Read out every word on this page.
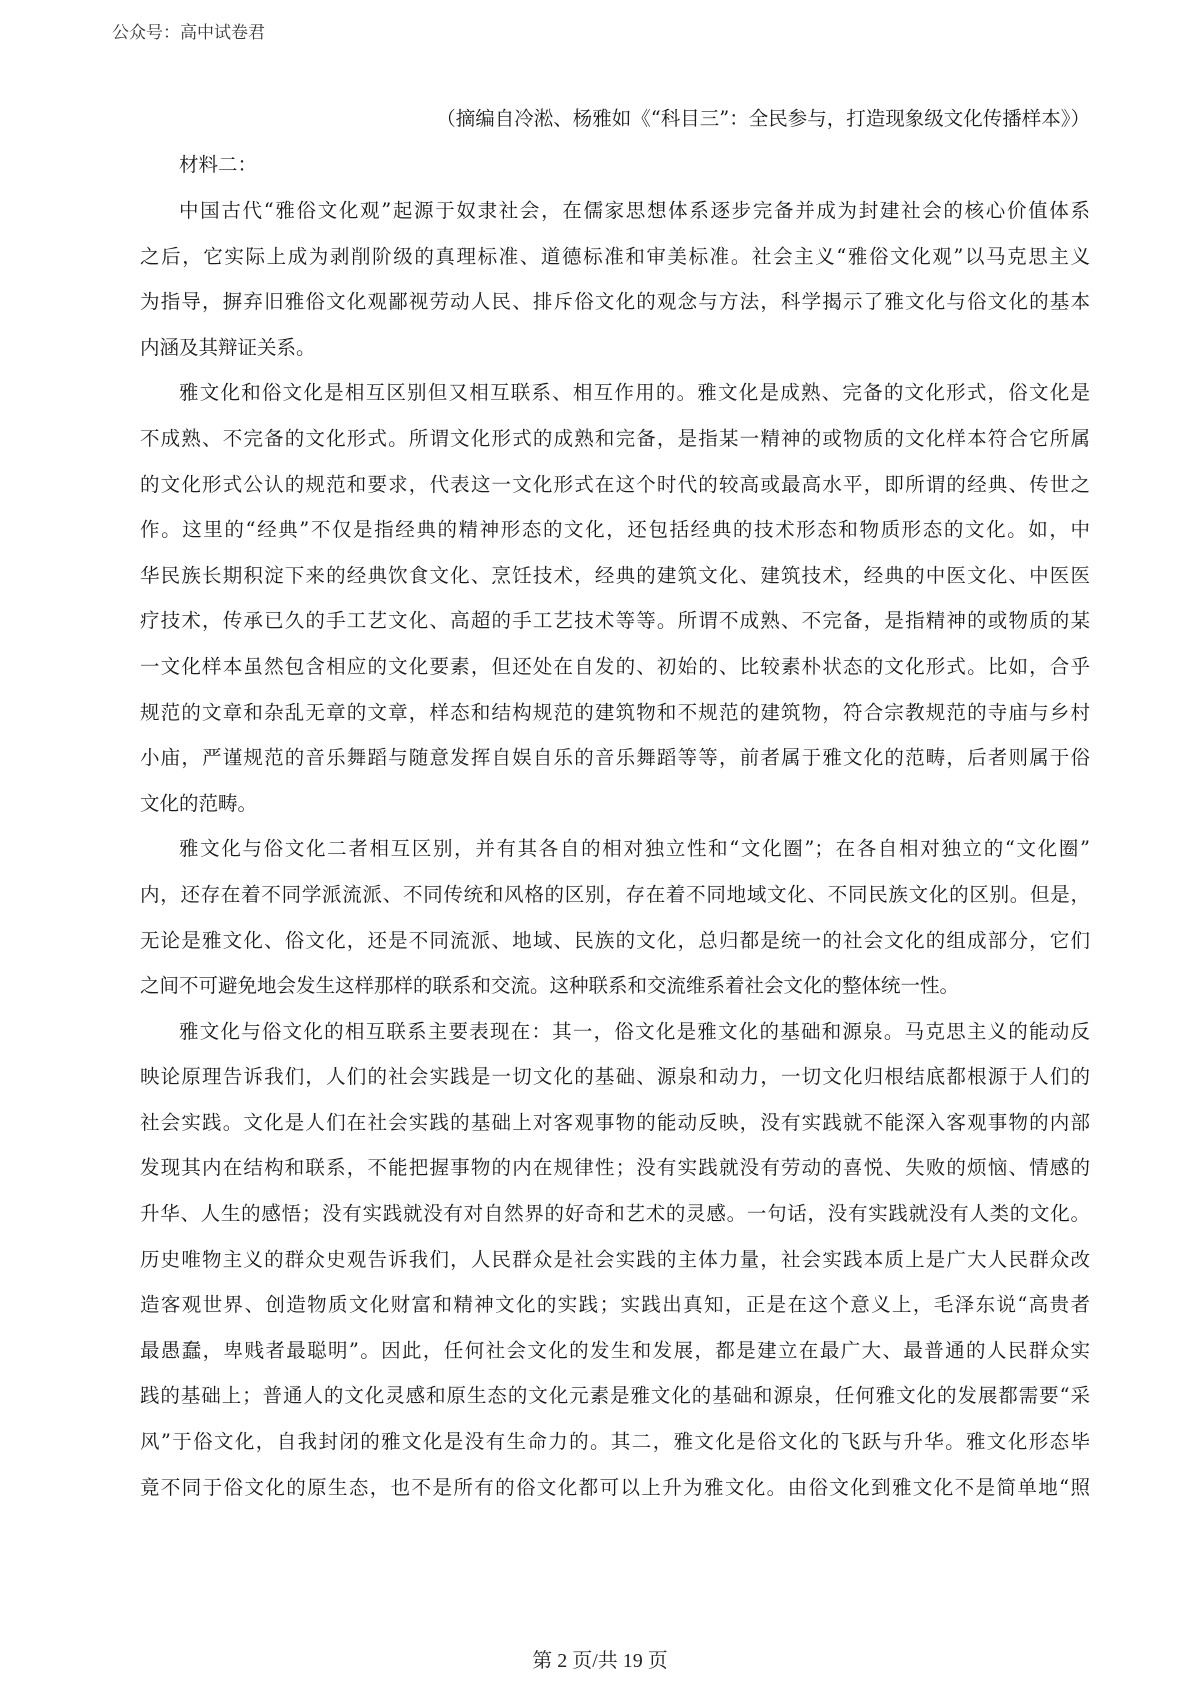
公众号：高中试卷君
（摘编自冷淞、杨雅如《“科目三”：全民参与，打造现象级文化传播样本》）
材料二：
中国古代“雅俗文化观”起源于奴隶社会，在儒家思想体系逐步完备并成为封建社会的核心价值体系
之后，它实际上成为剥削阶级的真理标准、道德标准和审美标准。社会主义“雅俗文化观”以马克思主义
为指导，摒弃旧雅俗文化观鄙视劳动人民、排斥俗文化的观念与方法，科学揭示了雅文化与俗文化的基本
内涵及其辩证关系。
雅文化和俗文化是相互区别但又相互联系、相互作用的。雅文化是成熟、完备的文化形式，俗文化是
不成熟、不完备的文化形式。所谓文化形式的成熟和完备，是指某一精神的或物质的文化样本符合它所属
的文化形式公认的规范和要求，代表这一文化形式在这个时代的较高或最高水平，即所谓的经典、传世之
作。这里的“经典”不仅是指经典的精神形态的文化，还包括经典的技术形态和物质形态的文化。如，中
华民族长期积淀下来的经典饮食文化、烹饪技术，经典的建筑文化、建筑技术，经典的中医文化、中医医
疗技术，传承已久的手工艺文化、高超的手工艺技术等等。所谓不成熟、不完备，是指精神的或物质的某
一文化样本虽然包含相应的文化要素，但还处在自发的、初始的、比较素朴状态的文化形式。比如，合乎
规范的文章和杂乱无章的文章，样态和结构规范的建筑物和不规范的建筑物，符合宗教规范的寺庙与乡村
小庙，严谨规范的音乐舞蹈与随意发挥自娱自乐的音乐舞蹈等等，前者属于雅文化的范畴，后者则属于俗
文化的范畴。
雅文化与俗文化二者相互区别，并有其各自的相对独立性和“文化圈”；在各自相对独立的“文化圈”
内，还存在着不同学派流派、不同传统和风格的区别，存在着不同地域文化、不同民族文化的区别。但是，
无论是雅文化、俗文化，还是不同流派、地域、民族的文化，总归都是统一的社会文化的组成部分，它们
之间不可避免地会发生这样那样的联系和交流。这种联系和交流维系着社会文化的整体统一性。
雅文化与俗文化的相互联系主要表现在：其一，俗文化是雅文化的基础和源泉。马克思主义的能动反
映论原理告诉我们，人们的社会实践是一切文化的基础、源泉和动力，一切文化归根结底都根源于人们的
社会实践。文化是人们在社会实践的基础上对客观事物的能动反映，没有实践就不能深入客观事物的内部
发现其内在结构和联系，不能把握事物的内在规律性；没有实践就没有劳动的喜悦、失败的烦恼、情感的
升华、人生的感悟；没有实践就没有对自然界的好奇和艺术的灵感。一句话，没有实践就没有人类的文化。
历史唯物主义的群众史观告诉我们，人民群众是社会实践的主体力量，社会实践本质上是广大人民群众改
造客观世界、创造物质文化财富和精神文化的实践；实践出真知，正是在这个意义上，毛泽东说“高贵者
最愚蠢，卑贱者最聪明”。因此，任何社会文化的发生和发展，都是建立在最广大、最普通的人民群众实
践的基础上；普通人的文化灵感和原生态的文化元素是雅文化的基础和源泉，任何雅文化的发展都需要“采
风”于俗文化，自我封闭的雅文化是没有生命力的。其二，雅文化是俗文化的飞跃与升华。雅文化形态毕
竟不同于俗文化的原生态，也不是所有的俗文化都可以上升为雅文化。由俗文化到雅文化不是简单地“照
第 2 页/共 19 页
